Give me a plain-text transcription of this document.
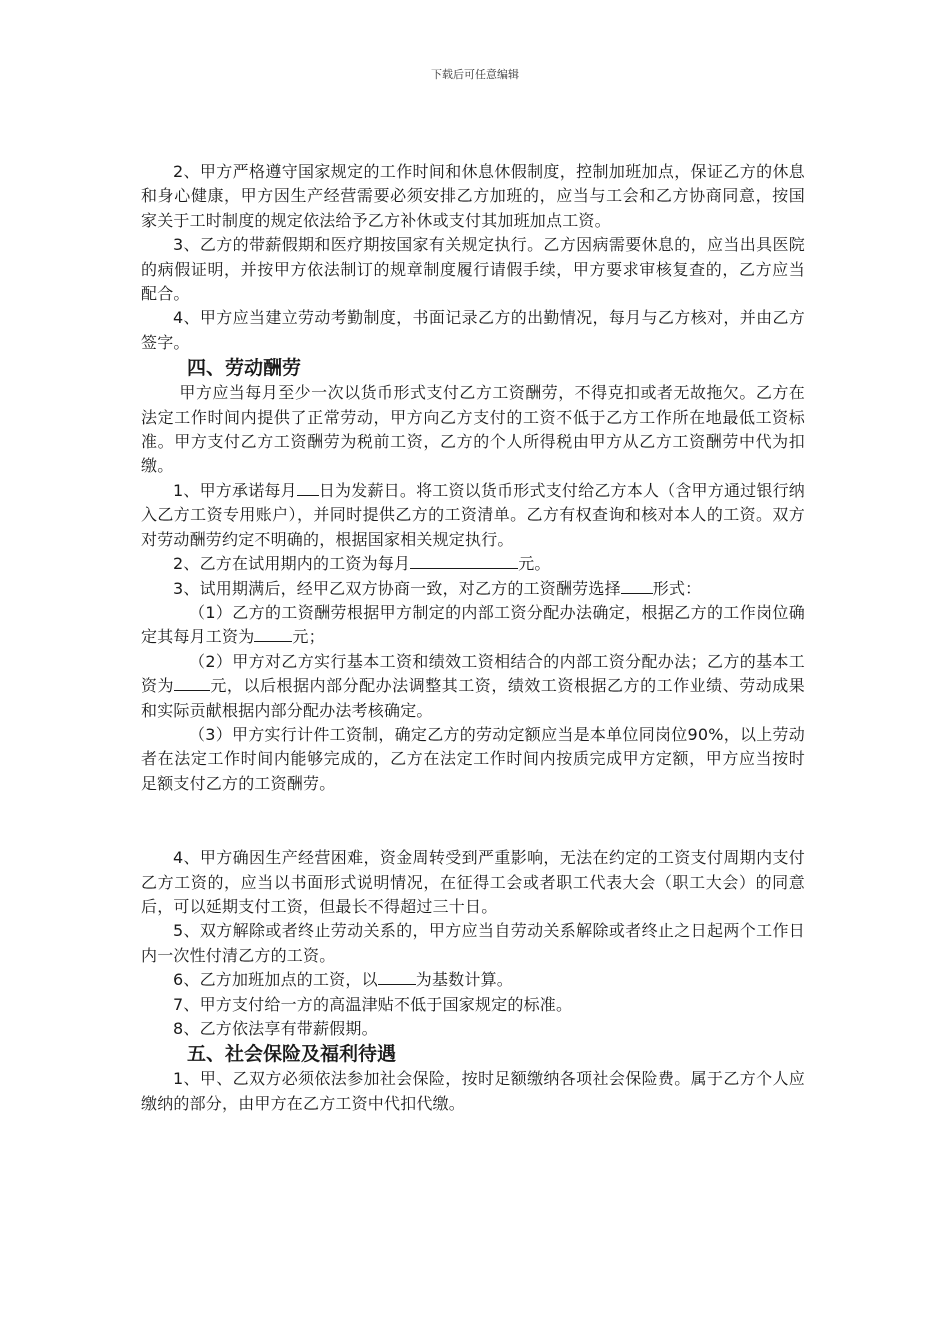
下载后可任意编辑

2、甲方严格遵守国家规定的工作时间和休息休假制度，控制加班加点，保证乙方的休息和身心健康，甲方因生产经营需要必须安排乙方加班的，应当与工会和乙方协商同意，按国家关于工时制度的规定依法给予乙方补休或支付其加班加点工资。

3、乙方的带薪假期和医疗期按国家有关规定执行。乙方因病需要休息的，应当出具医院的病假证明，并按甲方依法制订的规章制度履行请假手续，甲方要求审核复查的，乙方应当配合。

4、甲方应当建立劳动考勤制度，书面记录乙方的出勤情况，每月与乙方核对，并由乙方签字。

四、劳动酬劳

甲方应当每月至少一次以货币形式支付乙方工资酬劳，不得克扣或者无故拖欠。乙方在法定工作时间内提供了正常劳动，甲方向乙方支付的工资不低于乙方工作所在地最低工资标准。甲方支付乙方工资酬劳为税前工资，乙方的个人所得税由甲方从乙方工资酬劳中代为扣缴。

1、甲方承诺每月 日为发薪日。将工资以货币形式支付给乙方本人（含甲方通过银行纳入乙方工资专用账户），并同时提供乙方的工资清单。乙方有权查询和核对本人的工资。双方对劳动酬劳约定不明确的，根据国家相关规定执行。

2、乙方在试用期内的工资为每月	元。

3、试用期满后，经甲乙双方协商一致，对乙方的工资酬劳选择 形式：

（1）乙方的工资酬劳根据甲方制定的内部工资分配办法确定，根据乙方的工作岗位确定其每月工资为 元；

（2）甲方对乙方实行基本工资和绩效工资相结合的内部工资分配办法；乙方的基本工资为 元，以后根据内部分配办法调整其工资，绩效工资根据乙方的工作业绩、劳动成果和实际贡献根据内部分配办法考核确定。

（3）甲方实行计件工资制，确定乙方的劳动定额应当是本单位同岗位90%，以上劳动者在法定工作时间内能够完成的，乙方在法定工作时间内按质完成甲方定额，甲方应当按时足额支付乙方的工资酬劳。

4、甲方确因生产经营困难，资金周转受到严重影响，无法在约定的工资支付周期内支付乙方工资的，应当以书面形式说明情况，在征得工会或者职工代表大会（职工大会）的同意后，可以延期支付工资，但最长不得超过三十日。

5、双方解除或者终止劳动关系的，甲方应当自劳动关系解除或者终止之日起两个工作日内一次性付清乙方的工资。

6、乙方加班加点的工资，以 为基数计算。

7、甲方支付给一方的高温津贴不低于国家规定的标准。

8、乙方依法享有带薪假期。

五、社会保险及福利待遇

1、甲、乙双方必须依法参加社会保险，按时足额缴纳各项社会保险费。属于乙方个人应缴纳的部分，由甲方在乙方工资中代扣代缴。
